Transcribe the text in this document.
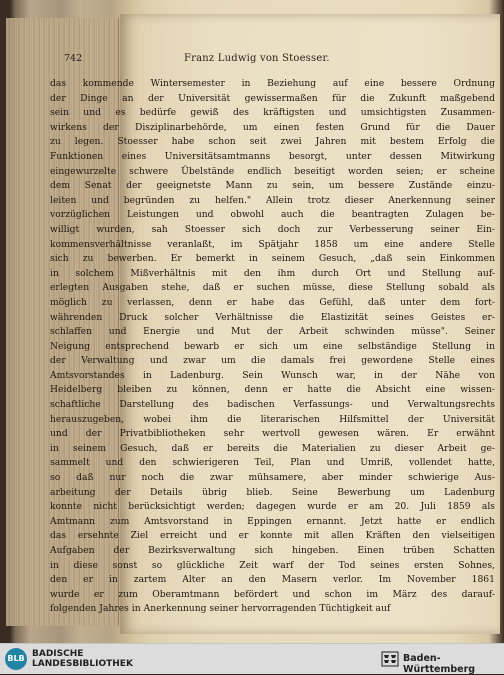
742	Franz Ludwig von Stoesser.
das kommende Wintersemester in Beziehung auf eine bessere Ordnung
der Dinge an der Universität gewissermaßen für die Zukunft maßgebend
sein und es bedürfe gewiß des kräftigsten und umsichtigsten Zusammen-
wirkens der Disziplinarbehörde, um einen festen Grund für die Dauer
zu legen. Stoesser habe schon seit zwei Jahren mit bestem Erfolg die
Funktionen eines Universitätsamtmanns besorgt, unter dessen Mitwirkung
eingewurzelte schwere Übelstände endlich beseitigt worden seien; er scheine
dem Senat der geeignetste Mann zu sein, um bessere Zustände einzu-
leiten und begründen zu helfen." Allein trotz dieser Anerkennung seiner
vorzüglichen Leistungen und obwohl auch die beantragten Zulagen be-
willigt wurden, sah Stoesser sich doch zur Verbesserung seiner Ein-
kommensverhältnisse veranlaßt, im Spätjahr 1858 um eine andere Stelle
sich zu bewerben. Er bemerkt in seinem Gesuch, „daß sein Einkommen
in solchem Mißverhältnis mit den ihm durch Ort und Stellung auf-
erlegten Ausgaben stehe, daß er suchen müsse, diese Stellung sobald als
möglich zu verlassen, denn er habe das Gefühl, daß unter dem fort-
währenden Druck solcher Verhältnisse die Elastizität seines Geistes er-
schlaffen und Energie und Mut der Arbeit schwinden müsse". Seiner
Neigung entsprechend bewarb er sich um eine selbständige Stellung in
der Verwaltung und zwar um die damals frei gewordene Stelle eines
Amtsvorstandes in Ladenburg. Sein Wunsch war, in der Nähe von
Heidelberg bleiben zu können, denn er hatte die Absicht eine wissen-
schaftliche Darstellung des badischen Verfassungs- und Verwaltungsrechts
herauszugeben, wobei ihm die literarischen Hilfsmittel der Universität
und der Privatbibliotheken sehr wertvoll gewesen wären. Er erwähnt
in seinem Gesuch, daß er bereits die Materialien zu dieser Arbeit ge-
sammelt und den schwierigeren Teil, Plan und Umriß, vollendet hatte,
so daß nur noch die zwar mühsamere, aber minder schwierige Aus-
arbeitung der Details übrig blieb. Seine Bewerbung um Ladenburg
konnte nicht berücksichtigt werden; dagegen wurde er am 20. Juli 1859 als
Amtmann zum Amtsvorstand in Eppingen ernannt. Jetzt hatte er endlich
das ersehnte Ziel erreicht und er konnte mit allen Kräften den vielseitigen
Aufgaben der Bezirksverwaltung sich hingeben. Einen trüben Schatten
in diese sonst so glückliche Zeit warf der Tod seines ersten Sohnes,
den er in zartem Alter an den Masern verlor. Im November 1861
wurde er zum Oberamtmann befördert und schon im März des darauf-
folgenden Jahres in Anerkennung seiner hervorragenden Tüchtigkeit auf
BLB BADISCHE
LANDESBIBLIOTHEK	Baden-Württemberg
